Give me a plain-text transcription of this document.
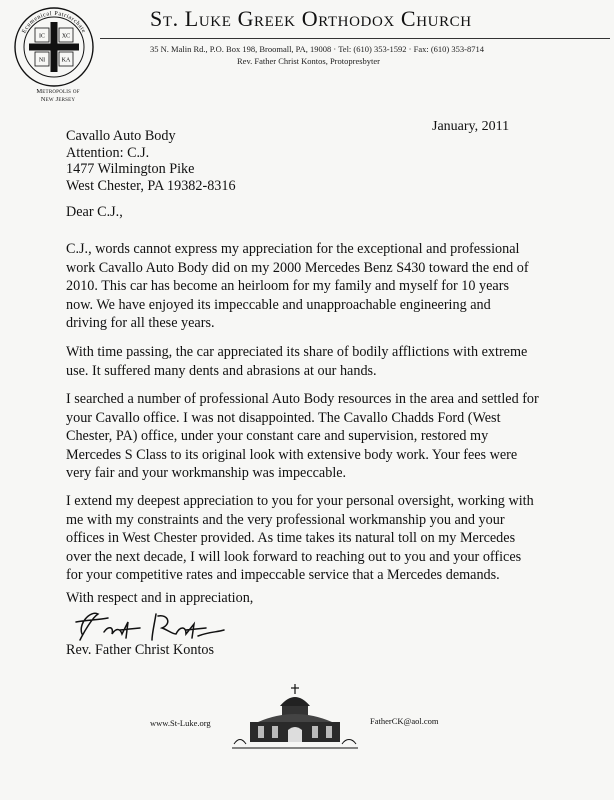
Ecumenical Patriarchate
IC	XC
NI	KA
Metropolis of
New Jersey
St. Luke Greek Orthodox Church
35 N. Malin Rd., P.O. Box 198, Broomall, PA, 19008 · Tel: (610) 353-1592 · Fax: (610) 353-8714
Rev. Father Christ Kontos, Protopresbyter
January, 2011
Cavallo Auto Body
Attention: C.J.
1477 Wilmington Pike
West Chester, PA 19382-8316
Dear C.J.,
C.J., words cannot express my appreciation for the exceptional and professional
work Cavallo Auto Body did on my 2000 Mercedes Benz S430 toward the end of
2010. This car has become an heirloom for my family and myself for 10 years
now. We have enjoyed its impeccable and unapproachable engineering and
driving for all these years.
With time passing, the car appreciated its share of bodily afflictions with extreme
use. It suffered many dents and abrasions at our hands.
I searched a number of professional Auto Body resources in the area and settled for
your Cavallo office. I was not disappointed. The Cavallo Chadds Ford (West
Chester, PA) office, under your constant care and supervision, restored my
Mercedes S Class to its original look with extensive body work. Your fees were
very fair and your workmanship was impeccable.
I extend my deepest appreciation to you for your personal oversight, working with
me with my constraints and the very professional workmanship you and your
offices in West Chester provided. As time takes its natural toll on my Mercedes
over the next decade, I will look forward to reaching out to you and your offices
for your competitive rates and impeccable service that a Mercedes demands.
With respect and in appreciation,
Rev. Father Christ Kontos
www.St-Luke.org	FatherCK@aol.com
